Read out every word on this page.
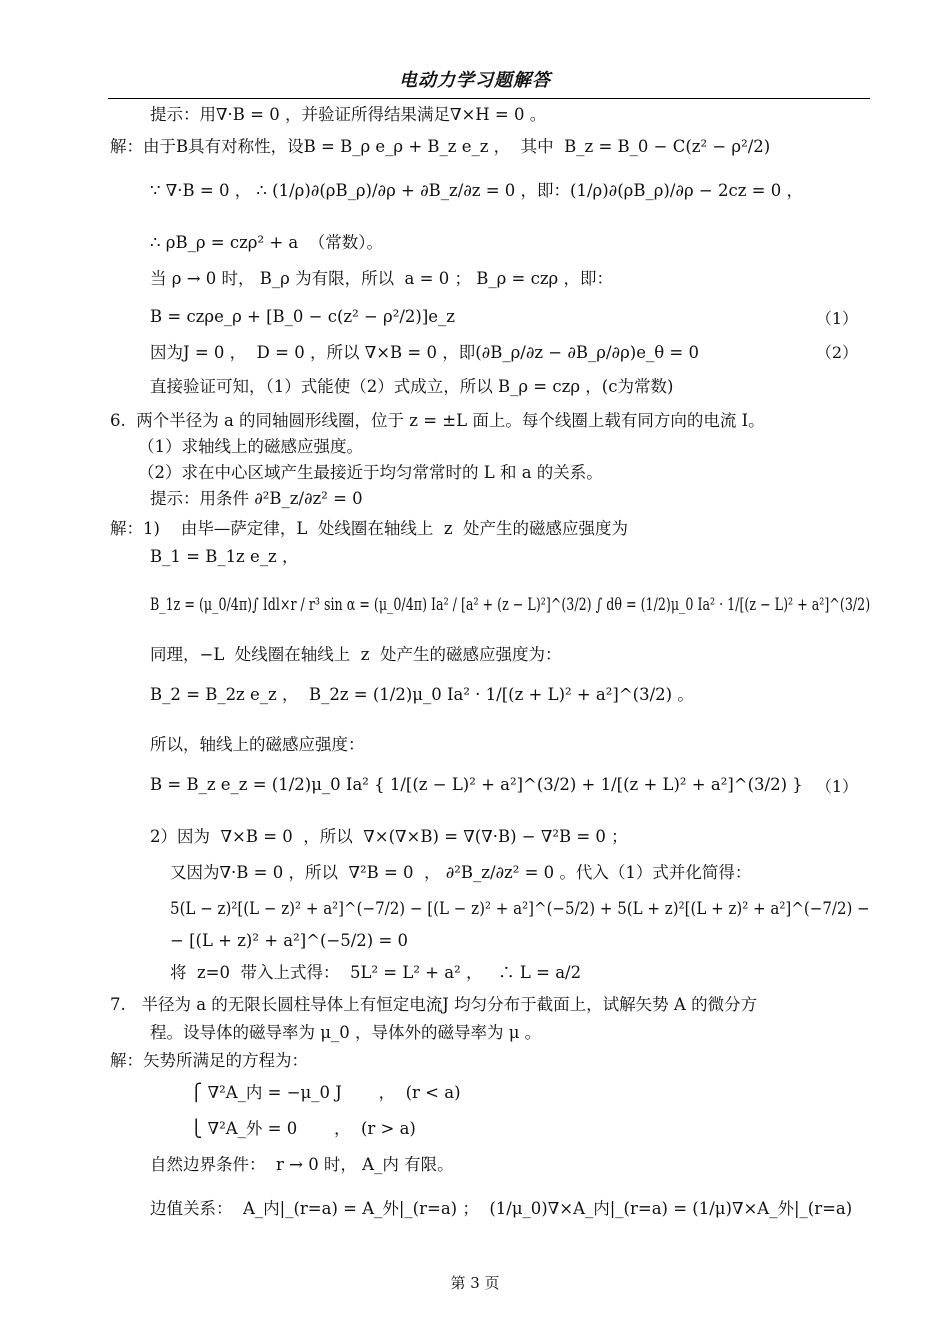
电动力学习题解答
提示：用∇·B = 0 ，并验证所得结果满足∇×H = 0 。
解：由于B具有对称性，设B = B_ρ e_ρ + B_z e_z ，  其中  B_z = B_0 − C(z² − ρ²/2)
∵ ∇·B = 0 ， ∴ (1/ρ)∂(ρB_ρ)/∂ρ + ∂B_z/∂z = 0 ，即：(1/ρ)∂(ρB_ρ)/∂ρ − 2cz = 0 ，
∴ ρB_ρ = czρ² + a  （常数）。
当 ρ → 0 时， B_ρ 为有限，所以  a = 0 ； B_ρ = czρ ，即：
B = czρe_ρ + [B_0 − c(z² − ρ²/2)]e_z
因为J = 0 ，  D = 0 ，所以 ∇×B = 0 ，即(∂B_ρ/∂z − ∂B_ρ/∂ρ)e_θ = 0
直接验证可知，（1）式能使（2）式成立，所以 B_ρ = czρ ，(c为常数)
6.  两个半径为 a 的同轴圆形线圈，位于 z = ±L 面上。每个线圈上载有同方向的电流 I。
（1）求轴线上的磁感应强度。
（2）求在中心区域产生最接近于均匀常常时的 L 和 a 的关系。
提示：用条件 ∂²B_z/∂z² = 0
解：1)    由毕—萨定律，L  处线圈在轴线上  z  处产生的磁感应强度为
B_1 = B_1z e_z ，
B_1z = (μ_0/4π)∫ Idl×r / r³ sin α = (μ_0/4π) Ia² / [a² + (z − L)²]^(3/2) ∫ dθ = (1/2)μ_0 Ia² · 1/[(z − L)² + a²]^(3/2)
同理，−L  处线圈在轴线上  z  处产生的磁感应强度为：
B_2 = B_2z e_z ，  B_2z = (1/2)μ_0 Ia² · 1/[(z + L)² + a²]^(3/2) 。
所以，轴线上的磁感应强度：
B = B_z e_z = (1/2)μ_0 Ia² { 1/[(z − L)² + a²]^(3/2) + 1/[(z + L)² + a²]^(3/2) }
2）因为  ∇×B = 0  ，所以  ∇×(∇×B) = ∇(∇·B) − ∇²B = 0 ；
又因为∇·B = 0 ，所以  ∇²B = 0  ， ∂²B_z/∂z² = 0 。代入（1）式并化简得：
5(L − z)²[(L − z)² + a²]^(−7/2) − [(L − z)² + a²]^(−5/2) + 5(L + z)²[(L + z)² + a²]^(−7/2) −
− [(L + z)² + a²]^(−5/2) = 0
将  z=0  带入上式得：  5L² = L² + a² ，   ∴ L = a/2
7.   半径为 a 的无限长圆柱导体上有恒定电流J 均匀分布于截面上，试解矢势 A 的微分方
程。设导体的磁导率为 μ_0 ，导体外的磁导率为 μ 。
解：矢势所满足的方程为：
⎧ ∇²A_内 = −μ_0 J       ，  (r < a)
⎩ ∇²A_外 = 0       ，  (r > a)
自然边界条件：  r → 0 时， A_内 有限。
边值关系：  A_内|_(r=a) = A_外|_(r=a) ；  (1/μ_0)∇×A_内|_(r=a) = (1/μ)∇×A_外|_(r=a)
（1）
（2）
（1）
第 3 页
